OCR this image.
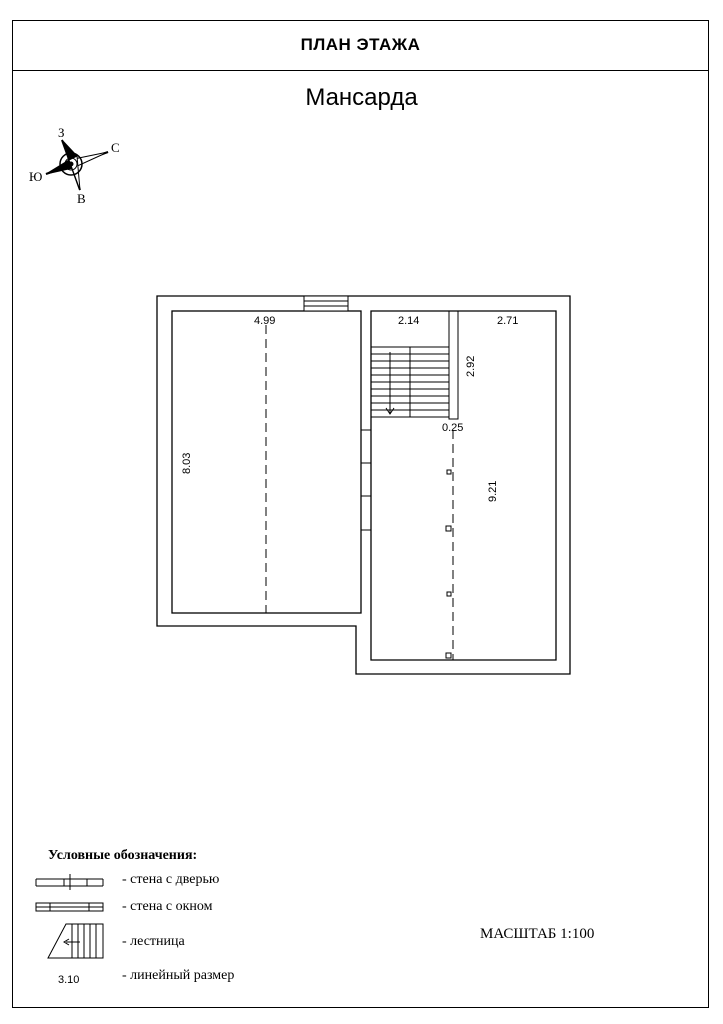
ПЛАН ЭТАЖА
Мансарда
З
С
Ю
В
4.99
8.03
2.14	2.71
2.92
0.25
9.21
3.10
Условные обозначения:
- стена с дверью
- стена с окном
- лестница
- линейный размер
МАСШТАБ 1:100
